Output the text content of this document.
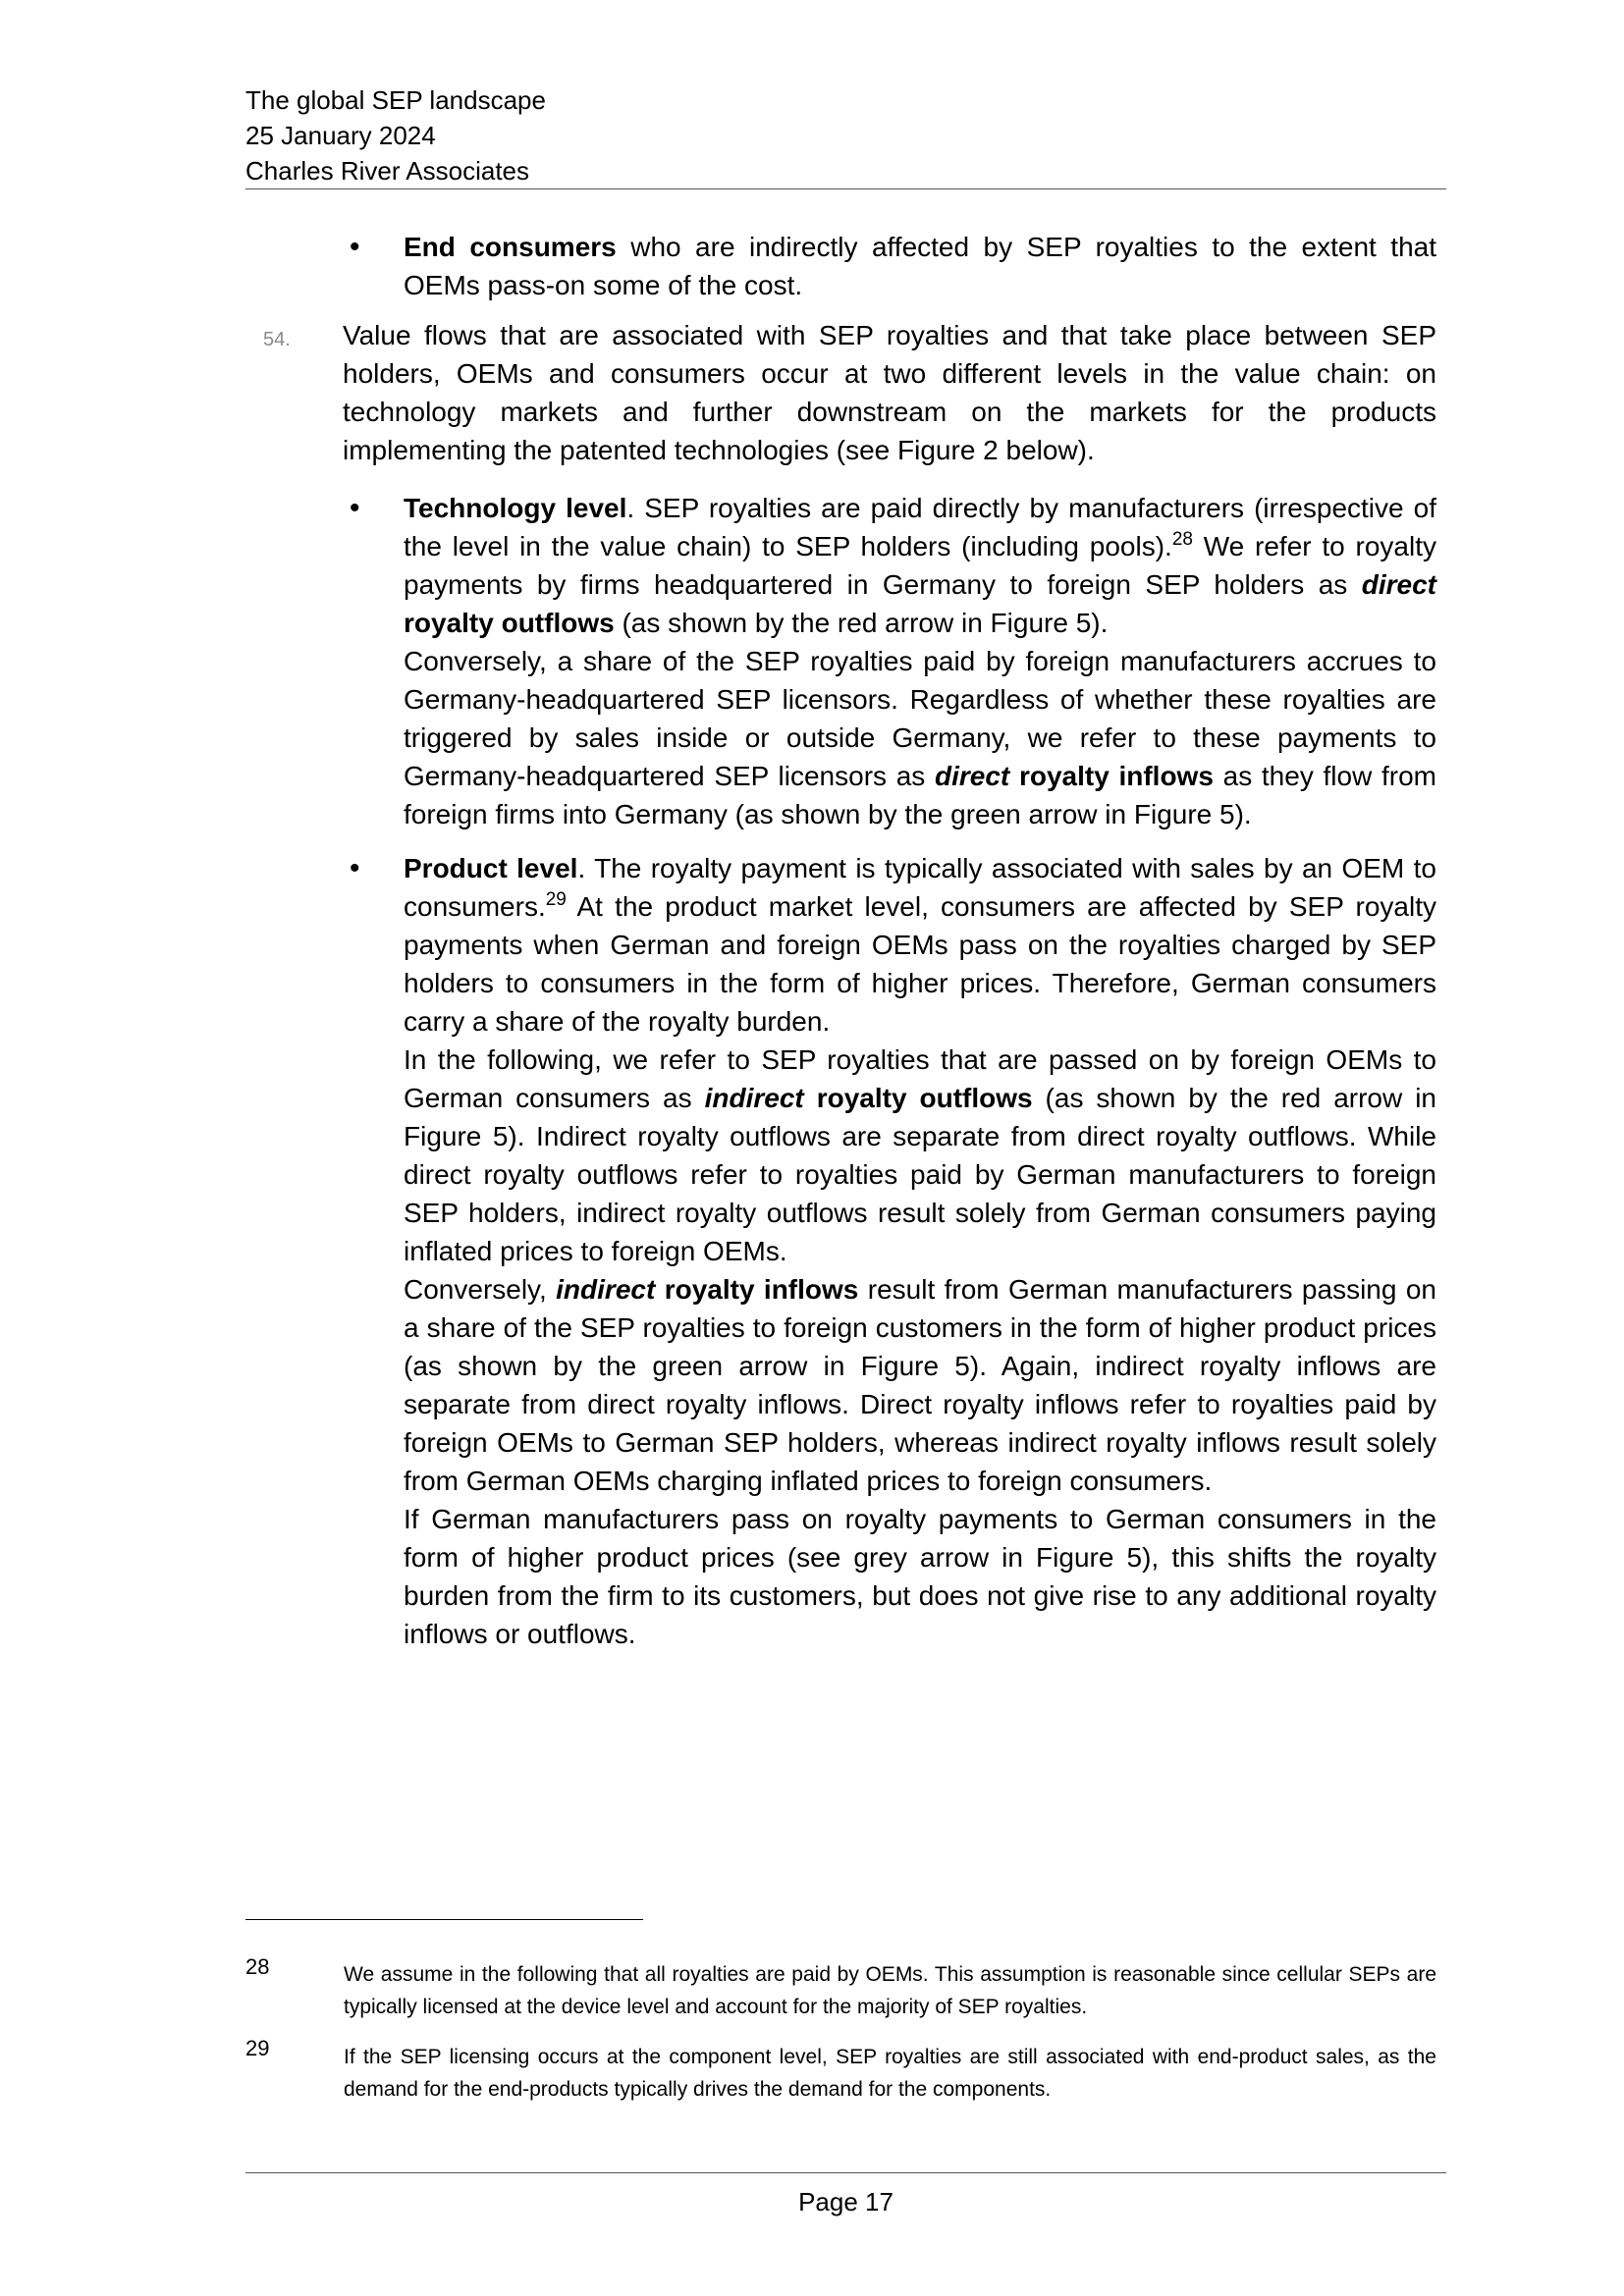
The global SEP landscape
25 January 2024
Charles River Associates
• End consumers who are indirectly affected by SEP royalties to the extent that OEMs pass-on some of the cost.
54. Value flows that are associated with SEP royalties and that take place between SEP holders, OEMs and consumers occur at two different levels in the value chain: on technology markets and further downstream on the markets for the products implementing the patented technologies (see Figure 2 below).
• Technology level. SEP royalties are paid directly by manufacturers (irrespective of the level in the value chain) to SEP holders (including pools).$^{28}$ We refer to royalty payments by firms headquartered in Germany to foreign SEP holders as direct royalty outflows (as shown by the red arrow in Figure 5).
Conversely, a share of the SEP royalties paid by foreign manufacturers accrues to Germany-headquartered SEP licensors. Regardless of whether these royalties are triggered by sales inside or outside Germany, we refer to these payments to Germany-headquartered SEP licensors as direct royalty inflows as they flow from foreign firms into Germany (as shown by the green arrow in Figure 5).
• Product level. The royalty payment is typically associated with sales by an OEM to consumers.$^{29}$ At the product market level, consumers are affected by SEP royalty payments when German and foreign OEMs pass on the royalties charged by SEP holders to consumers in the form of higher prices. Therefore, German consumers carry a share of the royalty burden.
In the following, we refer to SEP royalties that are passed on by foreign OEMs to German consumers as indirect royalty outflows (as shown by the red arrow in Figure 5). Indirect royalty outflows are separate from direct royalty outflows. While direct royalty outflows refer to royalties paid by German manufacturers to foreign SEP holders, indirect royalty outflows result solely from German consumers paying inflated prices to foreign OEMs.
Conversely, indirect royalty inflows result from German manufacturers passing on a share of the SEP royalties to foreign customers in the form of higher product prices (as shown by the green arrow in Figure 5). Again, indirect royalty inflows are separate from direct royalty inflows. Direct royalty inflows refer to royalties paid by foreign OEMs to German SEP holders, whereas indirect royalty inflows result solely from German OEMs charging inflated prices to foreign consumers.
If German manufacturers pass on royalty payments to German consumers in the form of higher product prices (see grey arrow in Figure 5), this shifts the royalty burden from the firm to its customers, but does not give rise to any additional royalty inflows or outflows.
28	We assume in the following that all royalties are paid by OEMs. This assumption is reasonable since cellular SEPs are typically licensed at the device level and account for the majority of SEP royalties.
29	If the SEP licensing occurs at the component level, SEP royalties are still associated with end-product sales, as the demand for the end-products typically drives the demand for the components.
Page 17
